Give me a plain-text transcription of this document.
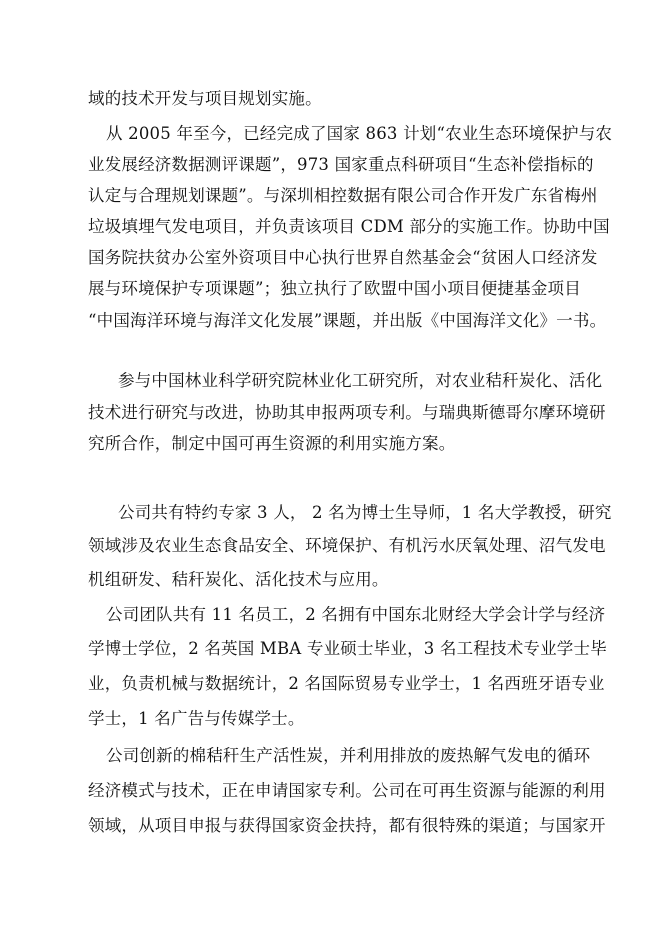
域的技术开发与项目规划实施。
从 2005 年至今，已经完成了国家 863 计划“农业生态环境保护与农
业发展经济数据测评课题”，973 国家重点科研项目“生态补偿指标的
认定与合理规划课题”。与深圳相控数据有限公司合作开发广东省梅州
垃圾填埋气发电项目，并负责该项目 CDM 部分的实施工作。协助中国
国务院扶贫办公室外资项目中心执行世界自然基金会“贫困人口经济发
展与环境保护专项课题”；独立执行了欧盟中国小项目便捷基金项目
“中国海洋环境与海洋文化发展”课题，并出版《中国海洋文化》一书。
参与中国林业科学研究院林业化工研究所，对农业秸秆炭化、活化
技术进行研究与改进，协助其申报两项专利。与瑞典斯德哥尔摩环境研
究所合作，制定中国可再生资源的利用实施方案。
公司共有特约专家 3 人， 2 名为博士生导师，1 名大学教授，研究
领域涉及农业生态食品安全、环境保护、有机污水厌氧处理、沼气发电
机组研发、秸秆炭化、活化技术与应用。
公司团队共有 11 名员工，2 名拥有中国东北财经大学会计学与经济
学博士学位，2 名英国 MBA 专业硕士毕业，3 名工程技术专业学士毕
业，负责机械与数据统计，2 名国际贸易专业学士，1 名西班牙语专业
学士，1 名广告与传媒学士。
公司创新的棉秸秆生产活性炭，并利用排放的废热解气发电的循环
经济模式与技术，正在申请国家专利。公司在可再生资源与能源的利用
领域，从项目申报与获得国家资金扶持，都有很特殊的渠道；与国家开
